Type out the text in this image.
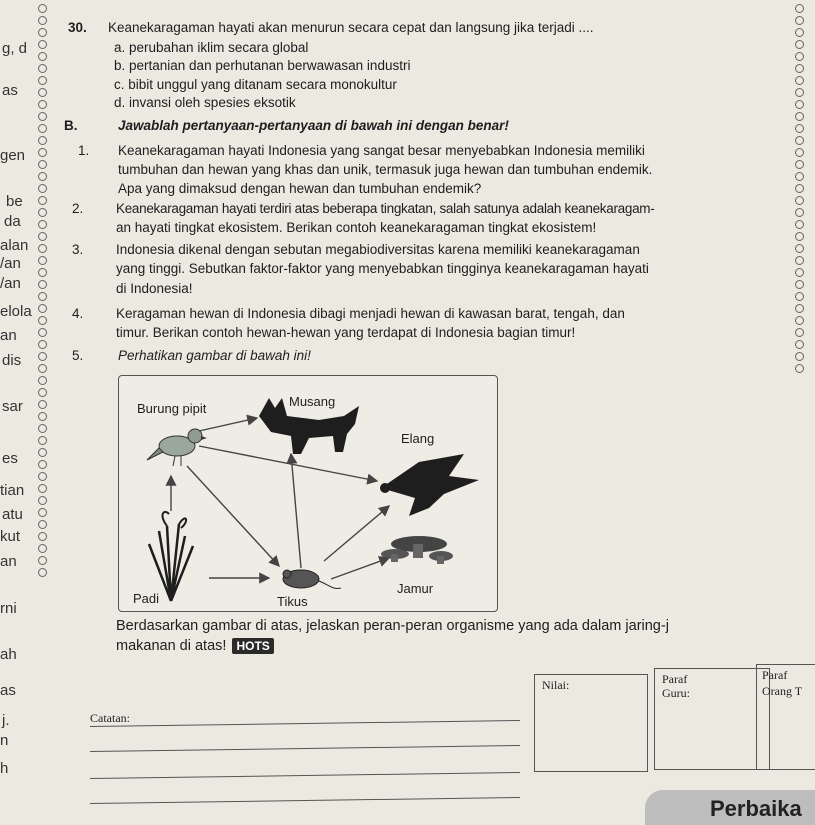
g, d
as
gen
be
da
alan
/an
/an
elola
an
dis
sar
es
tian
atu
kut
an
rni
ah
as
j.
n
h
30. Keanekaragaman hayati akan menurun secara cepat dan langsung jika terjadi ....
a. perubahan iklim secara global
b. pertanian dan perhutanan berwawasan industri
c. bibit unggul yang ditanam secara monokultur
d. invansi oleh spesies eksotik
B.	Jawablah pertanyaan-pertanyaan di bawah ini dengan benar!
1. Keanekaragaman hayati Indonesia yang sangat besar menyebabkan Indonesia memiliki
tumbuhan dan hewan yang khas dan unik, termasuk juga hewan dan tumbuhan endemik.
Apa yang dimaksud dengan hewan dan tumbuhan endemik?
2. Keanekaragaman hayati terdiri atas beberapa tingkatan, salah satunya adalah keanekaragam-
an hayati tingkat ekosistem. Berikan contoh keanekaragaman tingkat ekosistem!
3. Indonesia dikenal dengan sebutan megabiodiversitas karena memiliki keanekaragaman
yang tinggi. Sebutkan faktor-faktor yang menyebabkan tingginya keanekaragaman hayati
di Indonesia!
4. Keragaman hewan di Indonesia dibagi menjadi hewan di kawasan barat, tengah, dan
timur. Berikan contoh hewan-hewan yang terdapat di Indonesia bagian timur!
5.	Perhatikan gambar di bawah ini!
Burung pipit	Musang
Elang
Jamur
Padi	Tikus
Berdasarkan gambar di atas, jelaskan peran-peran organisme yang ada dalam jaring-j
makanan di atas! HOTS
Catatan:
Nilai:	Paraf
Guru:
Paraf
Orang T
Perbaika
